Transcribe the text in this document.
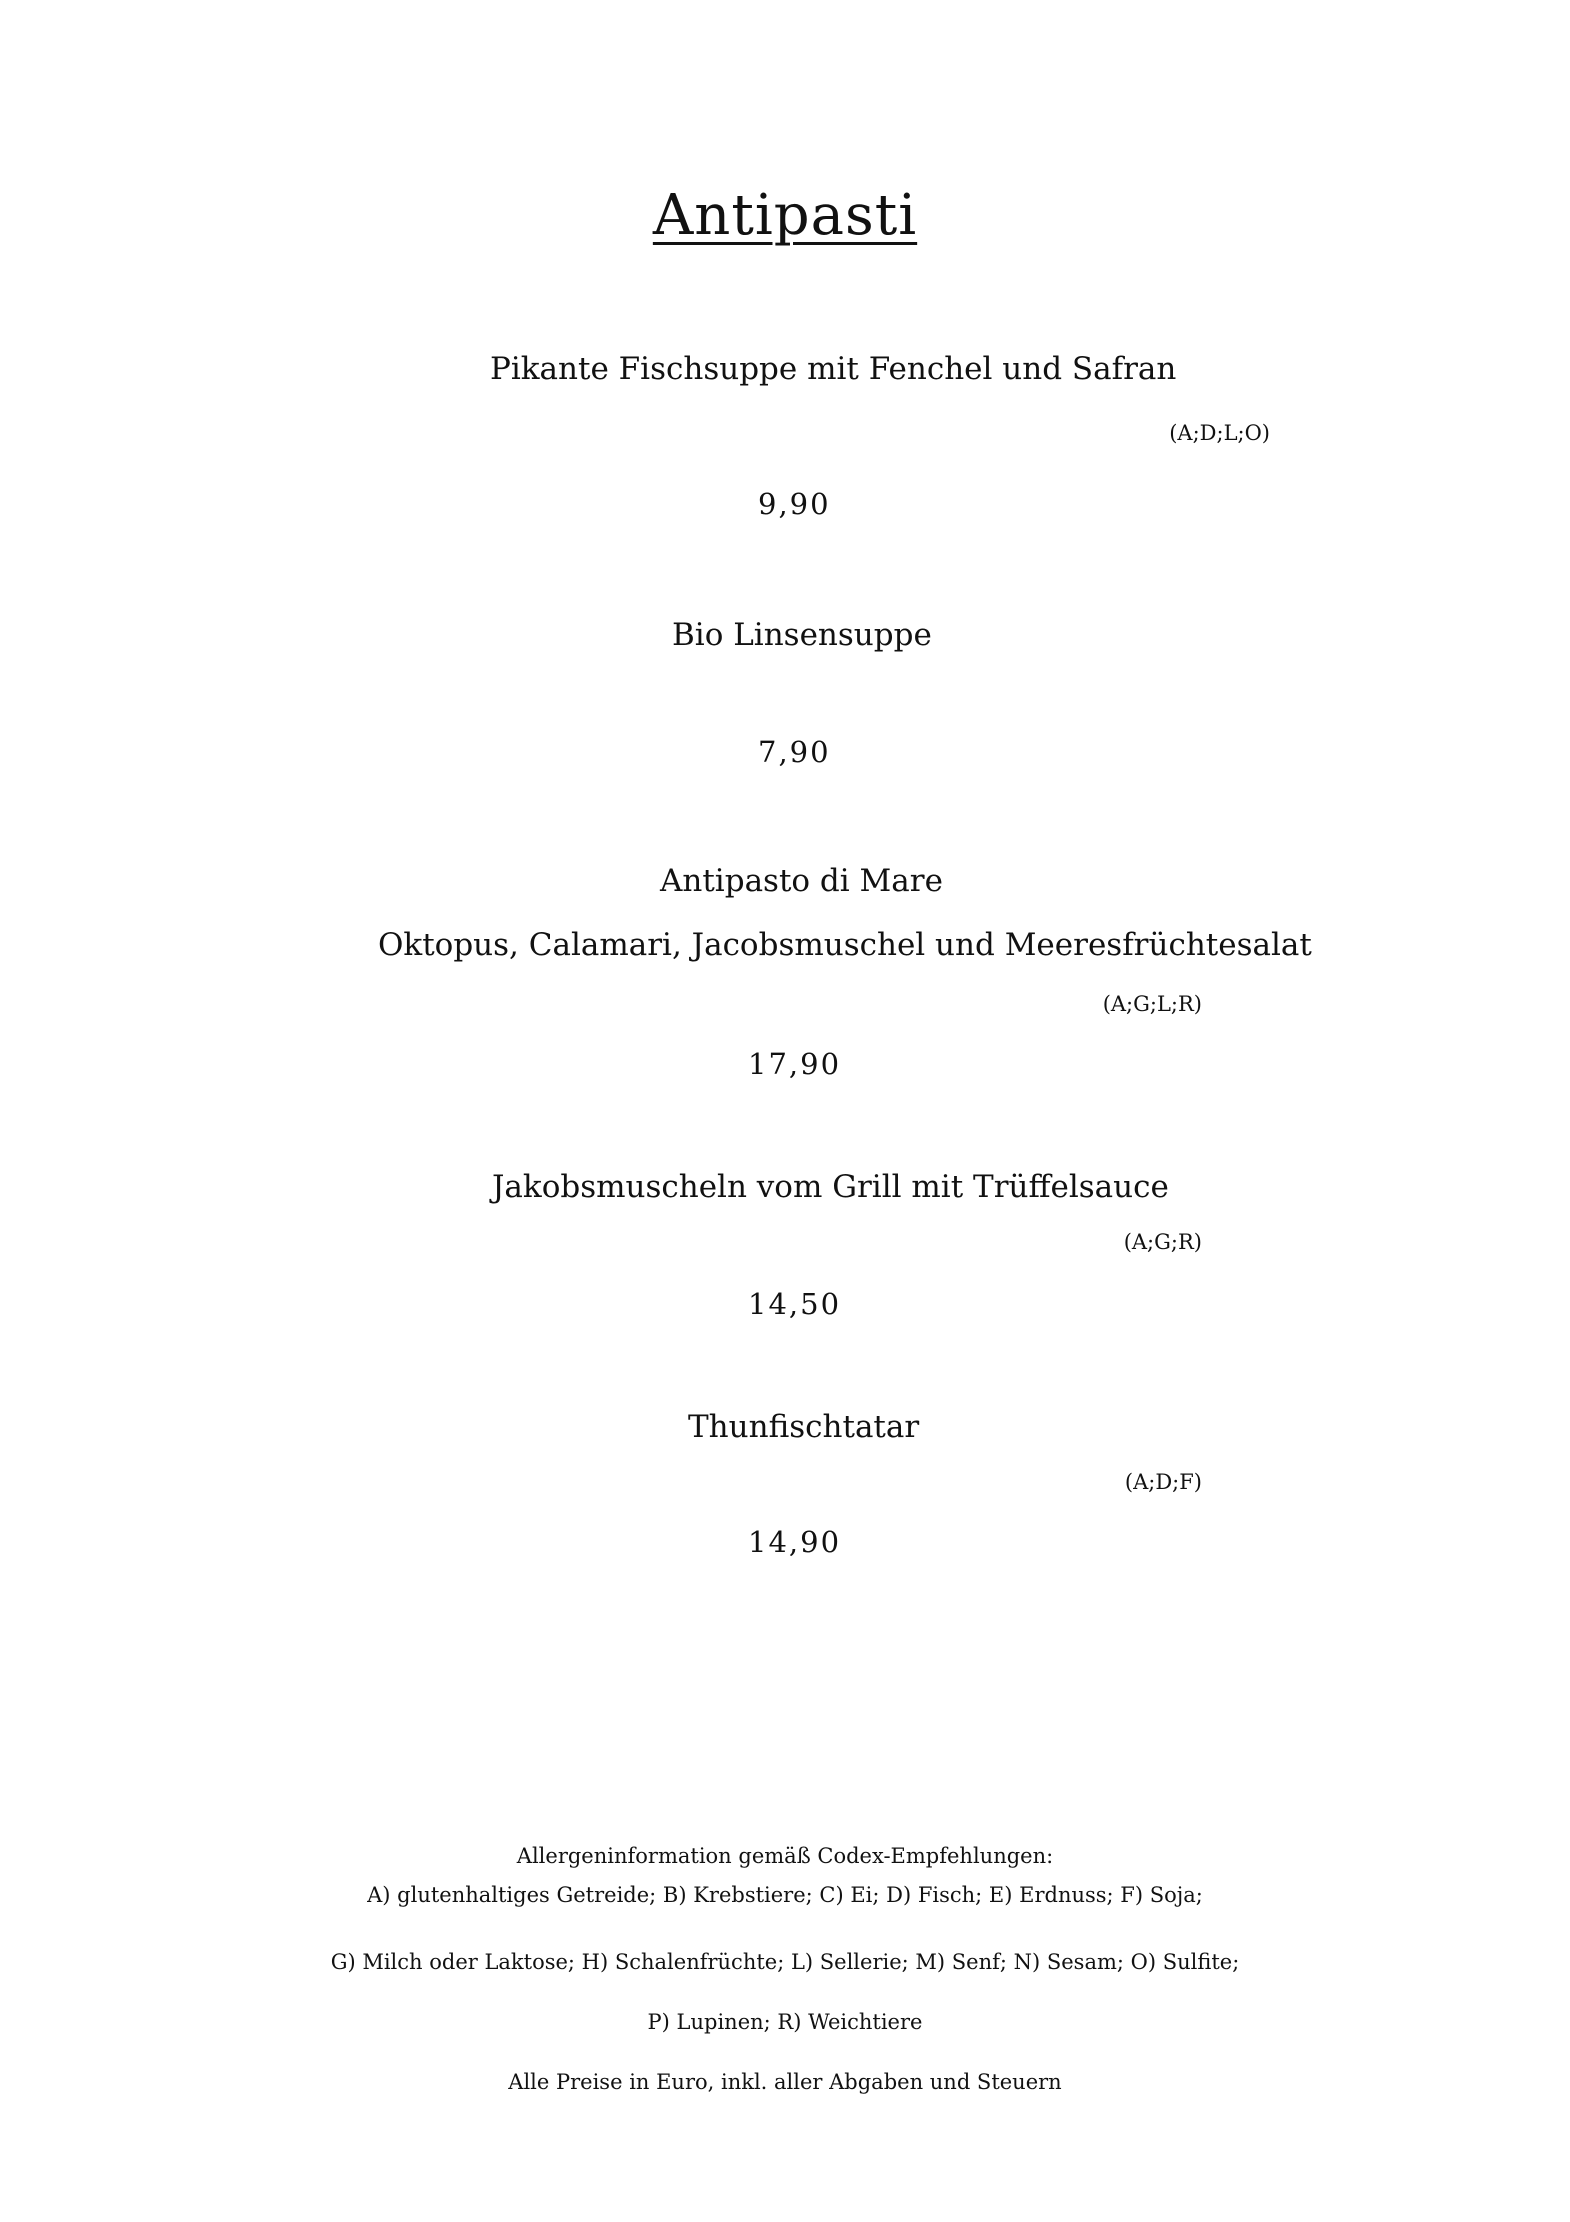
Antipasti
Pikante Fischsuppe mit Fenchel und Safran
(A;D;L;O)
9,90
Bio Linsensuppe
7,90
Antipasto di Mare
Oktopus, Calamari, Jacobsmuschel und Meeresfrüchtesalat
(A;G;L;R)
17,90
Jakobsmuscheln vom Grill mit Trüffelsauce
(A;G;R)
14,50
Thunfischtatar
(A;D;F)
14,90
Allergeninformation gemäß Codex-Empfehlungen:
A) glutenhaltiges Getreide; B) Krebstiere; C) Ei; D) Fisch; E) Erdnuss; F) Soja;
G) Milch oder Laktose; H) Schalenfrüchte; L) Sellerie; M) Senf; N) Sesam; O) Sulfite;
P) Lupinen; R) Weichtiere
Alle Preise in Euro, inkl. aller Abgaben und Steuern
